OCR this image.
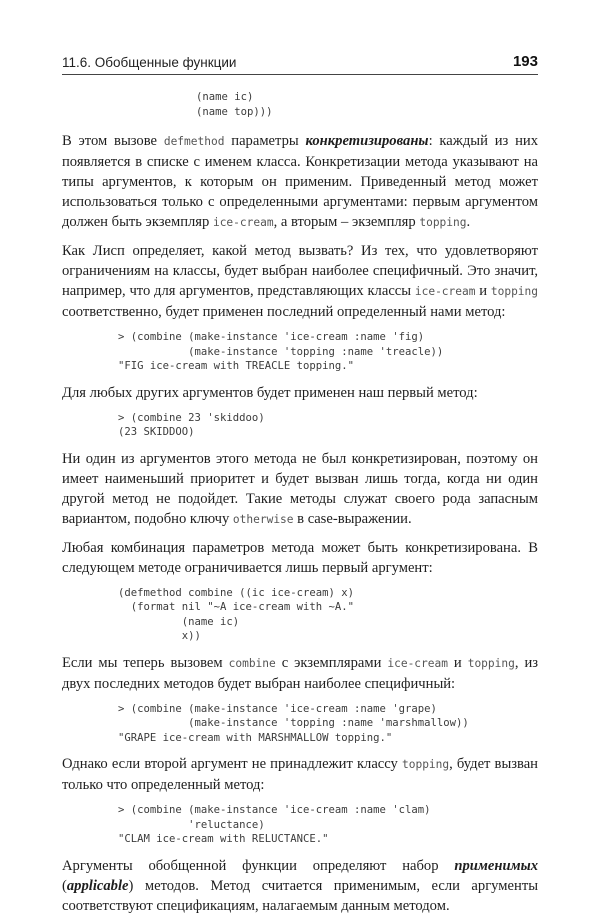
11.6. Обобщенные функции	193
(name ic)
(name top)))

В этом вызове defmethod параметры конкретизированы: каждый из них появляется в списке с именем класса. Конкретизации метода указывают на типы аргументов, к которым он применим. Приведенный метод может использоваться только с определенными аргументами: первым аргументом должен быть экземпляр ice-cream, а вторым – экземпляр topping.

Как Лисп определяет, какой метод вызвать? Из тех, что удовлетворяют ограничениям на классы, будет выбран наиболее специфичный. Это значит, например, что для аргументов, представляющих классы ice-cream и topping соответственно, будет применен последний определенный нами метод:

> (combine (make-instance 'ice-cream :name 'fig)
(make-instance 'topping :name 'treacle))
"FIG ice-cream with TREACLE topping."

Для любых других аргументов будет применен наш первый метод:

> (combine 23 'skiddoo)
(23 SKIDDOO)

Ни один из аргументов этого метода не был конкретизирован, поэтому он имеет наименьший приоритет и будет вызван лишь тогда, когда ни один другой метод не подойдет. Такие методы служат своего рода запасным вариантом, подобно ключу otherwise в case-выражении.

Любая комбинация параметров метода может быть конкретизирована. В следующем методе ограничивается лишь первый аргумент:

(defmethod combine ((ic ice-cream) x)
(format nil "~A ice-cream with ~A."
(name ic)
x))

Если мы теперь вызовем combine с экземплярами ice-cream и topping, из двух последних методов будет выбран наиболее специфичный:

> (combine (make-instance 'ice-cream :name 'grape)
(make-instance 'topping :name 'marshmallow))
"GRAPE ice-cream with MARSHMALLOW topping."

Однако если второй аргумент не принадлежит классу topping, будет вызван только что определенный метод:

> (combine (make-instance 'ice-cream :name 'clam)
'reluctance)
"CLAM ice-cream with RELUCTANCE."

Аргументы обобщенной функции определяют набор применимых (applicable) методов. Метод считается применимым, если аргументы соответствуют спецификациям, налагаемым данным методом.
